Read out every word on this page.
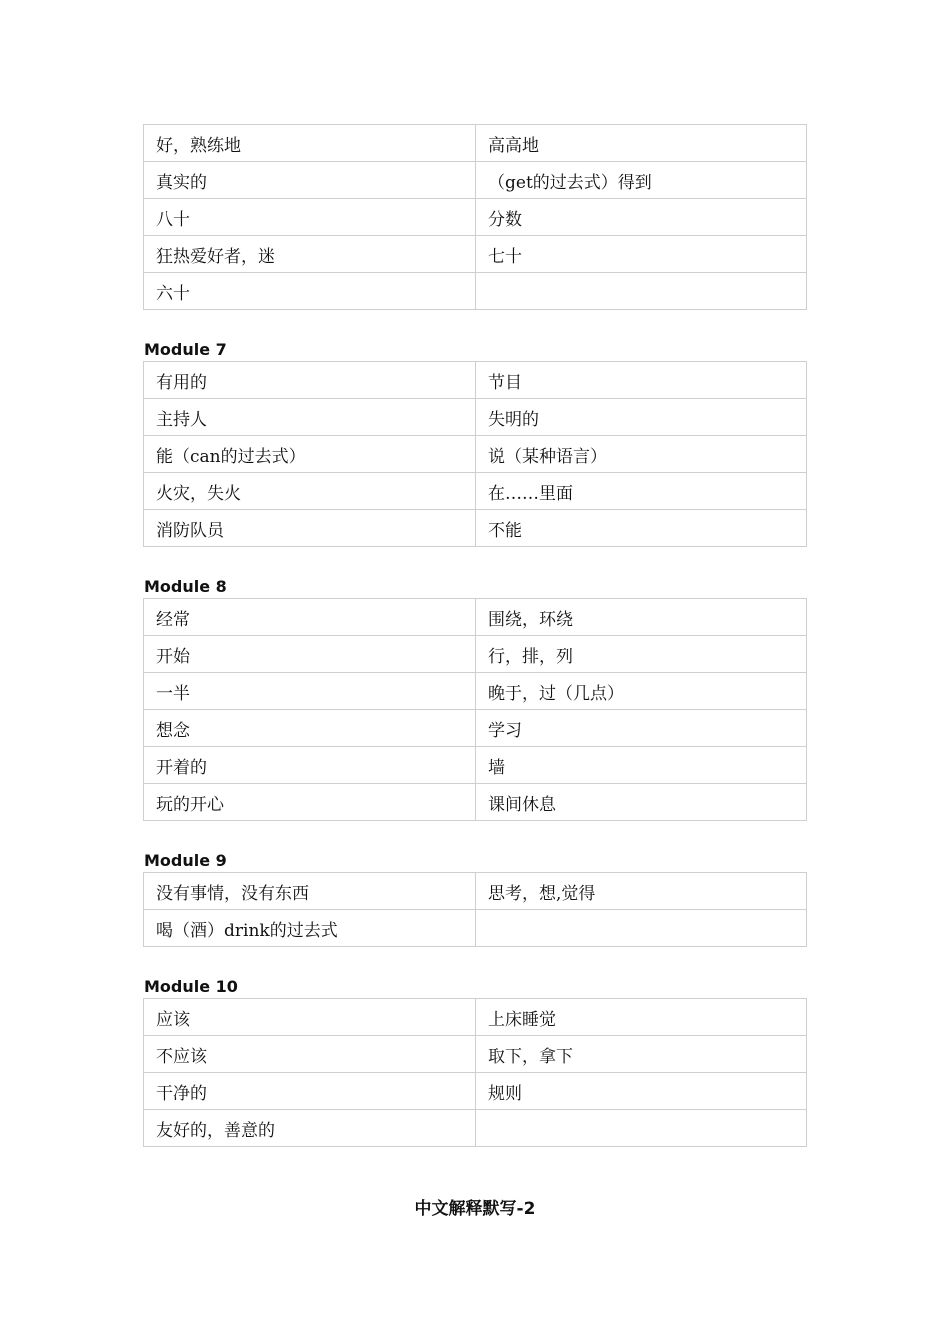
好，熟练地	高高地
真实的	（get的过去式）得到
八十	分数
狂热爱好者，迷	七十
六十	
Module 7
有用的	节目
主持人	失明的
能（can的过去式）	说（某种语言）
火灾，失火	在……里面
消防队员	不能
Module 8
经常	围绕，环绕
开始	行，排，列
一半	晚于，过（几点）
想念	学习
开着的	墙
玩的开心	课间休息
Module 9
没有事情，没有东西	思考，想,觉得
喝（酒）drink的过去式	
Module 10
应该	上床睡觉
不应该	取下，拿下
干净的	规则
友好的，善意的	
中文解释默写-2
